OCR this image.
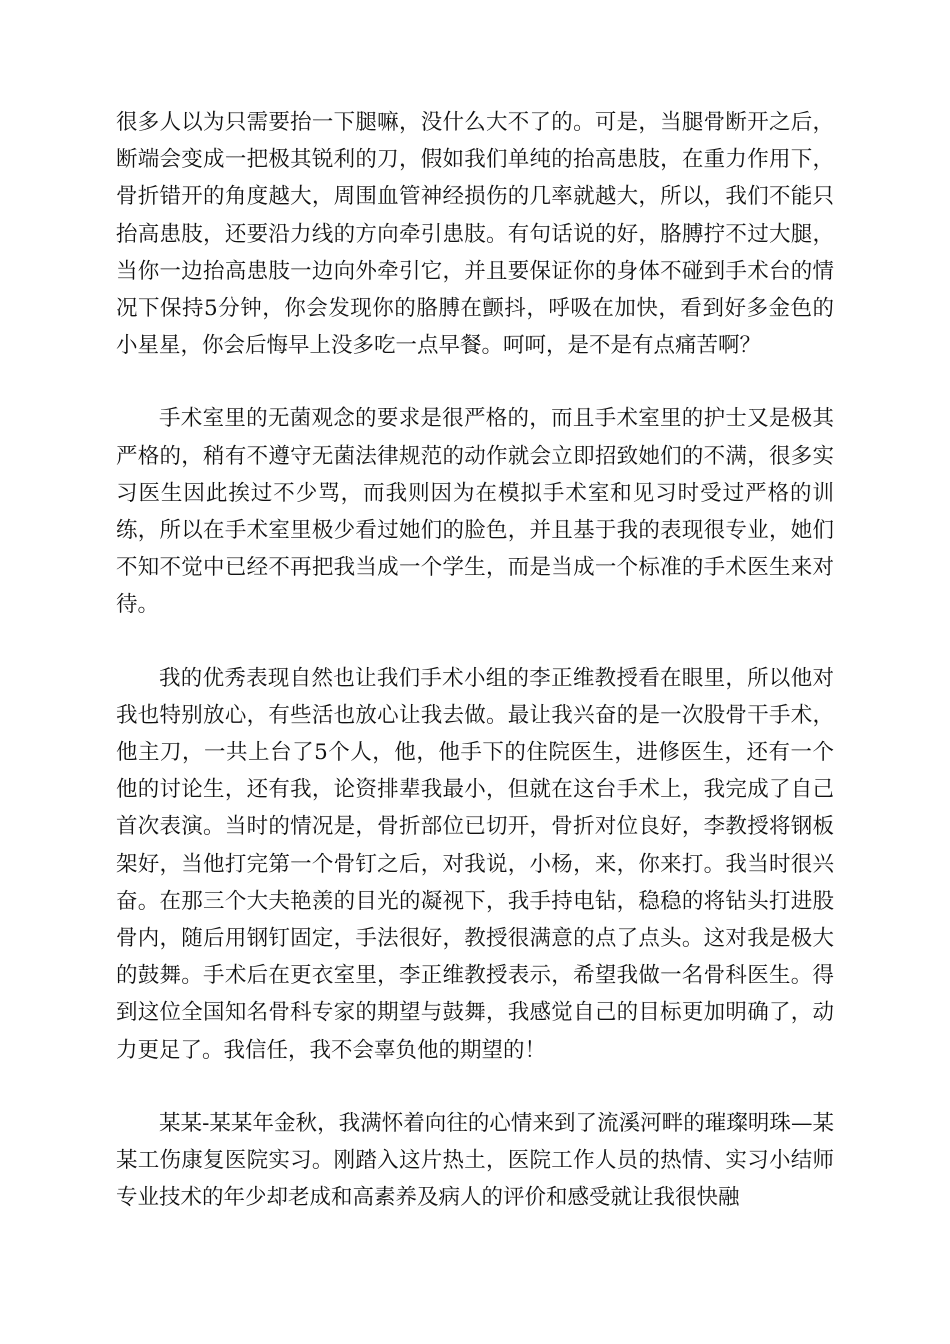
很多人以为只需要抬一下腿嘛，没什么大不了的。可是，当腿骨断开之后，断端会变成一把极其锐利的刀，假如我们单纯的抬高患肢，在重力作用下，骨折错开的角度越大，周围血管神经损伤的几率就越大，所以，我们不能只抬高患肢，还要沿力线的方向牵引患肢。有句话说的好，胳膊拧不过大腿，当你一边抬高患肢一边向外牵引它，并且要保证你的身体不碰到手术台的情况下保持5分钟，你会发现你的胳膊在颤抖，呼吸在加快，看到好多金色的小星星，你会后悔早上没多吃一点早餐。呵呵，是不是有点痛苦啊？

手术室里的无菌观念的要求是很严格的，而且手术室里的护士又是极其严格的，稍有不遵守无菌法律规范的动作就会立即招致她们的不满，很多实习医生因此挨过不少骂，而我则因为在模拟手术室和见习时受过严格的训练，所以在手术室里极少看过她们的脸色，并且基于我的表现很专业，她们不知不觉中已经不再把我当成一个学生，而是当成一个标准的手术医生来对待。

我的优秀表现自然也让我们手术小组的李正维教授看在眼里，所以他对我也特别放心，有些活也放心让我去做。最让我兴奋的是一次股骨干手术，他主刀，一共上台了5个人，他，他手下的住院医生，进修医生，还有一个他的讨论生，还有我，论资排辈我最小，但就在这台手术上，我完成了自己首次表演。当时的情况是，骨折部位已切开，骨折对位良好，李教授将钢板架好，当他打完第一个骨钉之后，对我说，小杨，来，你来打。我当时很兴奋。在那三个大夫艳羡的目光的凝视下，我手持电钻，稳稳的将钻头打进股骨内，随后用钢钉固定，手法很好，教授很满意的点了点头。这对我是极大的鼓舞。手术后在更衣室里，李正维教授表示，希望我做一名骨科医生。得到这位全国知名骨科专家的期望与鼓舞，我感觉自己的目标更加明确了，动力更足了。我信任，我不会辜负他的期望的！

某某-某某年金秋，我满怀着向往的心情来到了流溪河畔的璀璨明珠—某某工伤康复医院实习。刚踏入这片热土，医院工作人员的热情、实习小结师专业技术的年少却老成和高素养及病人的评价和感受就让我很快融
